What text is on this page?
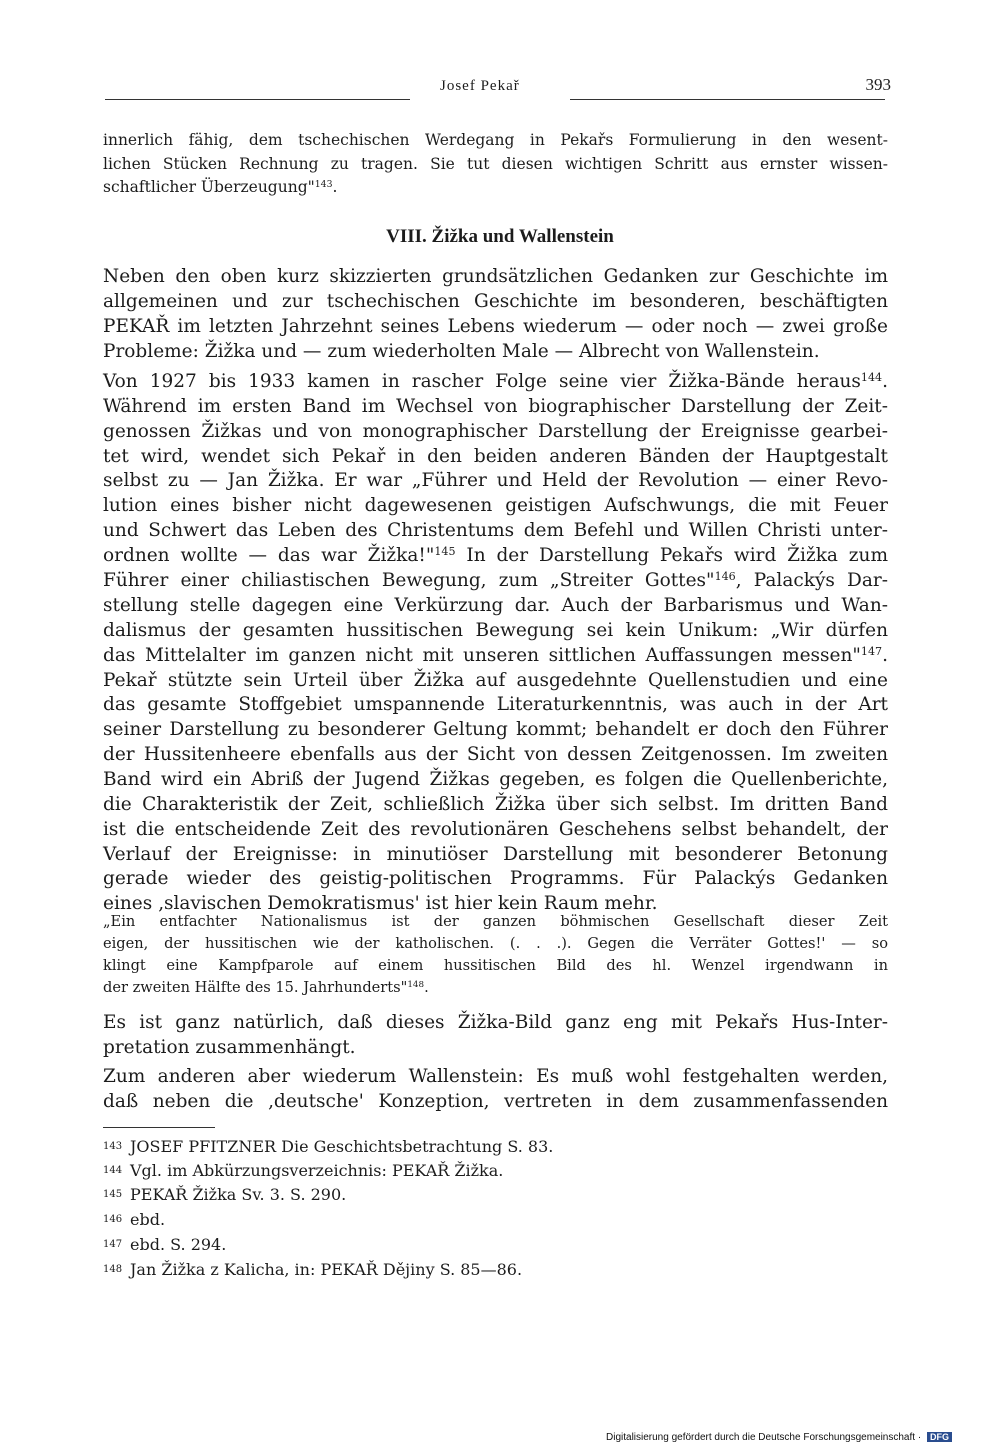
Josef Pekař	393
innerlich fähig, dem tschechischen Werdegang in Pekařs Formulierung in den wesent-
lichen Stücken Rechnung zu tragen. Sie tut diesen wichtigen Schritt aus ernster wissen-
schaftlicher Überzeugung"$^{143}$.
VIII. Žižka und Wallenstein
Neben den oben kurz skizzierten grundsätzlichen Gedanken zur Geschichte im
allgemeinen und zur tschechischen Geschichte im besonderen, beschäftigten
PEKAŘ im letzten Jahrzehnt seines Lebens wiederum — oder noch — zwei große
Probleme: Žižka und — zum wiederholten Male — Albrecht von Wallenstein.
Von 1927 bis 1933 kamen in rascher Folge seine vier Žižka-Bände heraus$^{144}$.
Während im ersten Band im Wechsel von biographischer Darstellung der Zeit-
genossen Žižkas und von monographischer Darstellung der Ereignisse gearbei-
tet wird, wendet sich Pekař in den beiden anderen Bänden der Hauptgestalt
selbst zu — Jan Žižka. Er war „Führer und Held der Revolution — einer Revo-
lution eines bisher nicht dagewesenen geistigen Aufschwungs, die mit Feuer
und Schwert das Leben des Christentums dem Befehl und Willen Christi unter-
ordnen wollte — das war Žižka!"$^{145}$ In der Darstellung Pekařs wird Žižka zum
Führer einer chiliastischen Bewegung, zum „Streiter Gottes"$^{146}$, Palackýs Dar-
stellung stelle dagegen eine Verkürzung dar. Auch der Barbarismus und Wan-
dalismus der gesamten hussitischen Bewegung sei kein Unikum: „Wir dürfen
das Mittelalter im ganzen nicht mit unseren sittlichen Auffassungen messen"$^{147}$.
Pekař stützte sein Urteil über Žižka auf ausgedehnte Quellenstudien und eine
das gesamte Stoffgebiet umspannende Literaturkenntnis, was auch in der Art
seiner Darstellung zu besonderer Geltung kommt; behandelt er doch den Führer
der Hussitenheere ebenfalls aus der Sicht von dessen Zeitgenossen. Im zweiten
Band wird ein Abriß der Jugend Žižkas gegeben, es folgen die Quellenberichte,
die Charakteristik der Zeit, schließlich Žižka über sich selbst. Im dritten Band
ist die entscheidende Zeit des revolutionären Geschehens selbst behandelt, der
Verlauf der Ereignisse: in minutiöser Darstellung mit besonderer Betonung
gerade wieder des geistig-politischen Programms. Für Palackýs Gedanken
eines ‚slavischen Demokratismus' ist hier kein Raum mehr.
„Ein entfachter Nationalismus ist der ganzen böhmischen Gesellschaft dieser Zeit
eigen, der hussitischen wie der katholischen. (. . .). Gegen die Verräter Gottes!' — so
klingt eine Kampfparole auf einem hussitischen Bild des hl. Wenzel irgendwann in
der zweiten Hälfte des 15. Jahrhunderts"$^{148}$.
Es ist ganz natürlich, daß dieses Žižka-Bild ganz eng mit Pekařs Hus-Inter-
pretation zusammenhängt.
Zum anderen aber wiederum Wallenstein: Es muß wohl festgehalten werden,
daß neben die ‚deutsche' Konzeption, vertreten in dem zusammenfassenden
143 JOSEF PFITZNER Die Geschichtsbetrachtung S. 83.
144 Vgl. im Abkürzungsverzeichnis: PEKAŘ Žižka.
145 PEKAŘ Žižka Sv. 3. S. 290.
146 ebd.
147 ebd. S. 294.
148 Jan Žižka z Kalicha, in: PEKAŘ Dějiny S. 85—86.
Digitalisierung gefördert durch die Deutsche Forschungsgemeinschaft · DFG
